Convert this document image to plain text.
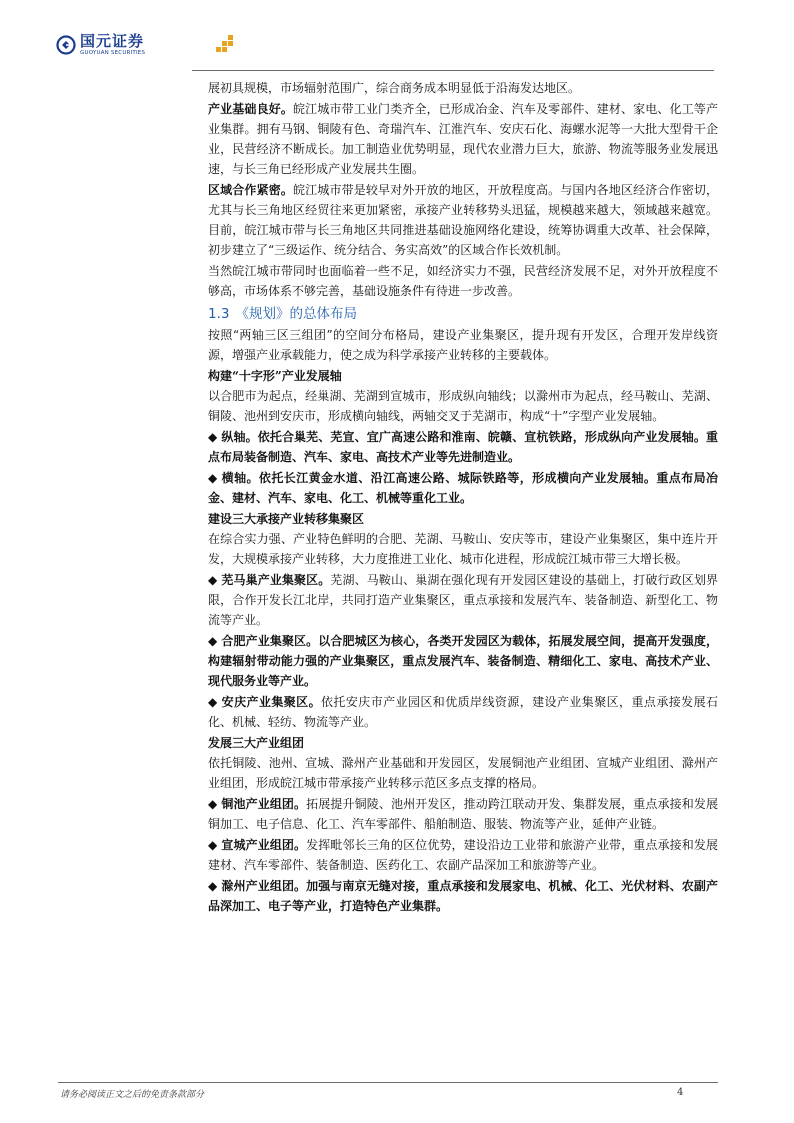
国元证券
GUOYUAN SECURITIES

展初具规模，市场辐射范围广，综合商务成本明显低于沿海发达地区。

产业基础良好。皖江城市带工业门类齐全，已形成冶金、汽车及零部件、建材、家电、化工等产业集群。拥有马钢、铜陵有色、奇瑞汽车、江淮汽车、安庆石化、海螺水泥等一大批大型骨干企业，民营经济不断成长。加工制造业优势明显，现代农业潜力巨大，旅游、物流等服务业发展迅速，与长三角已经形成产业发展共生圈。

区域合作紧密。皖江城市带是较早对外开放的地区，开放程度高。与国内各地区经济合作密切，尤其与长三角地区经贸往来更加紧密，承接产业转移势头迅猛，规模越来越大，领域越来越宽。目前，皖江城市带与长三角地区共同推进基础设施网络化建设，统筹协调重大改革、社会保障，初步建立了“三级运作、统分结合、务实高效”的区域合作长效机制。

当然皖江城市带同时也面临着一些不足，如经济实力不强，民营经济发展不足，对外开放程度不够高，市场体系不够完善，基础设施条件有待进一步改善。

1.3 《规划》的总体布局

按照“两轴三区三组团”的空间分布格局，建设产业集聚区，提升现有开发区，合理开发岸线资源，增强产业承载能力，使之成为科学承接产业转移的主要载体。

构建“十字形”产业发展轴

以合肥市为起点，经巢湖、芜湖到宣城市，形成纵向轴线；以滁州市为起点，经马鞍山、芜湖、铜陵、池州到安庆市，形成横向轴线，两轴交叉于芜湖市，构成“十”字型产业发展轴。

◆ 纵轴。依托合巢芜、芜宣、宜广高速公路和淮南、皖赣、宣杭铁路，形成纵向产业发展轴。重点布局装备制造、汽车、家电、高技术产业等先进制造业。

◆ 横轴。依托长江黄金水道、沿江高速公路、城际铁路等，形成横向产业发展轴。重点布局冶金、建材、汽车、家电、化工、机械等重化工业。

建设三大承接产业转移集聚区

在综合实力强、产业特色鲜明的合肥、芜湖、马鞍山、安庆等市，建设产业集聚区，集中连片开发，大规模承接产业转移，大力度推进工业化、城市化进程，形成皖江城市带三大增长极。

◆ 芜马巢产业集聚区。芜湖、马鞍山、巢湖在强化现有开发园区建设的基础上，打破行政区划界限，合作开发长江北岸，共同打造产业集聚区，重点承接和发展汽车、装备制造、新型化工、物流等产业。

◆ 合肥产业集聚区。以合肥城区为核心，各类开发园区为载体，拓展发展空间，提高开发强度，构建辐射带动能力强的产业集聚区，重点发展汽车、装备制造、精细化工、家电、高技术产业、现代服务业等产业。

◆ 安庆产业集聚区。依托安庆市产业园区和优质岸线资源，建设产业集聚区，重点承接发展石化、机械、轻纺、物流等产业。

发展三大产业组团

依托铜陵、池州、宣城、滁州产业基础和开发园区，发展铜池产业组团、宣城产业组团、滁州产业组团，形成皖江城市带承接产业转移示范区多点支撑的格局。

◆ 铜池产业组团。拓展提升铜陵、池州开发区，推动跨江联动开发、集群发展，重点承接和发展铜加工、电子信息、化工、汽车零部件、船舶制造、服装、物流等产业，延伸产业链。

◆ 宣城产业组团。发挥毗邻长三角的区位优势，建设沿边工业带和旅游产业带，重点承接和发展建材、汽车零部件、装备制造、医药化工、农副产品深加工和旅游等产业。

◆ 滁州产业组团。加强与南京无缝对接，重点承接和发展家电、机械、化工、光伏材料、农副产品深加工、电子等产业，打造特色产业集群。

请务必阅读正文之后的免责条款部分	4
